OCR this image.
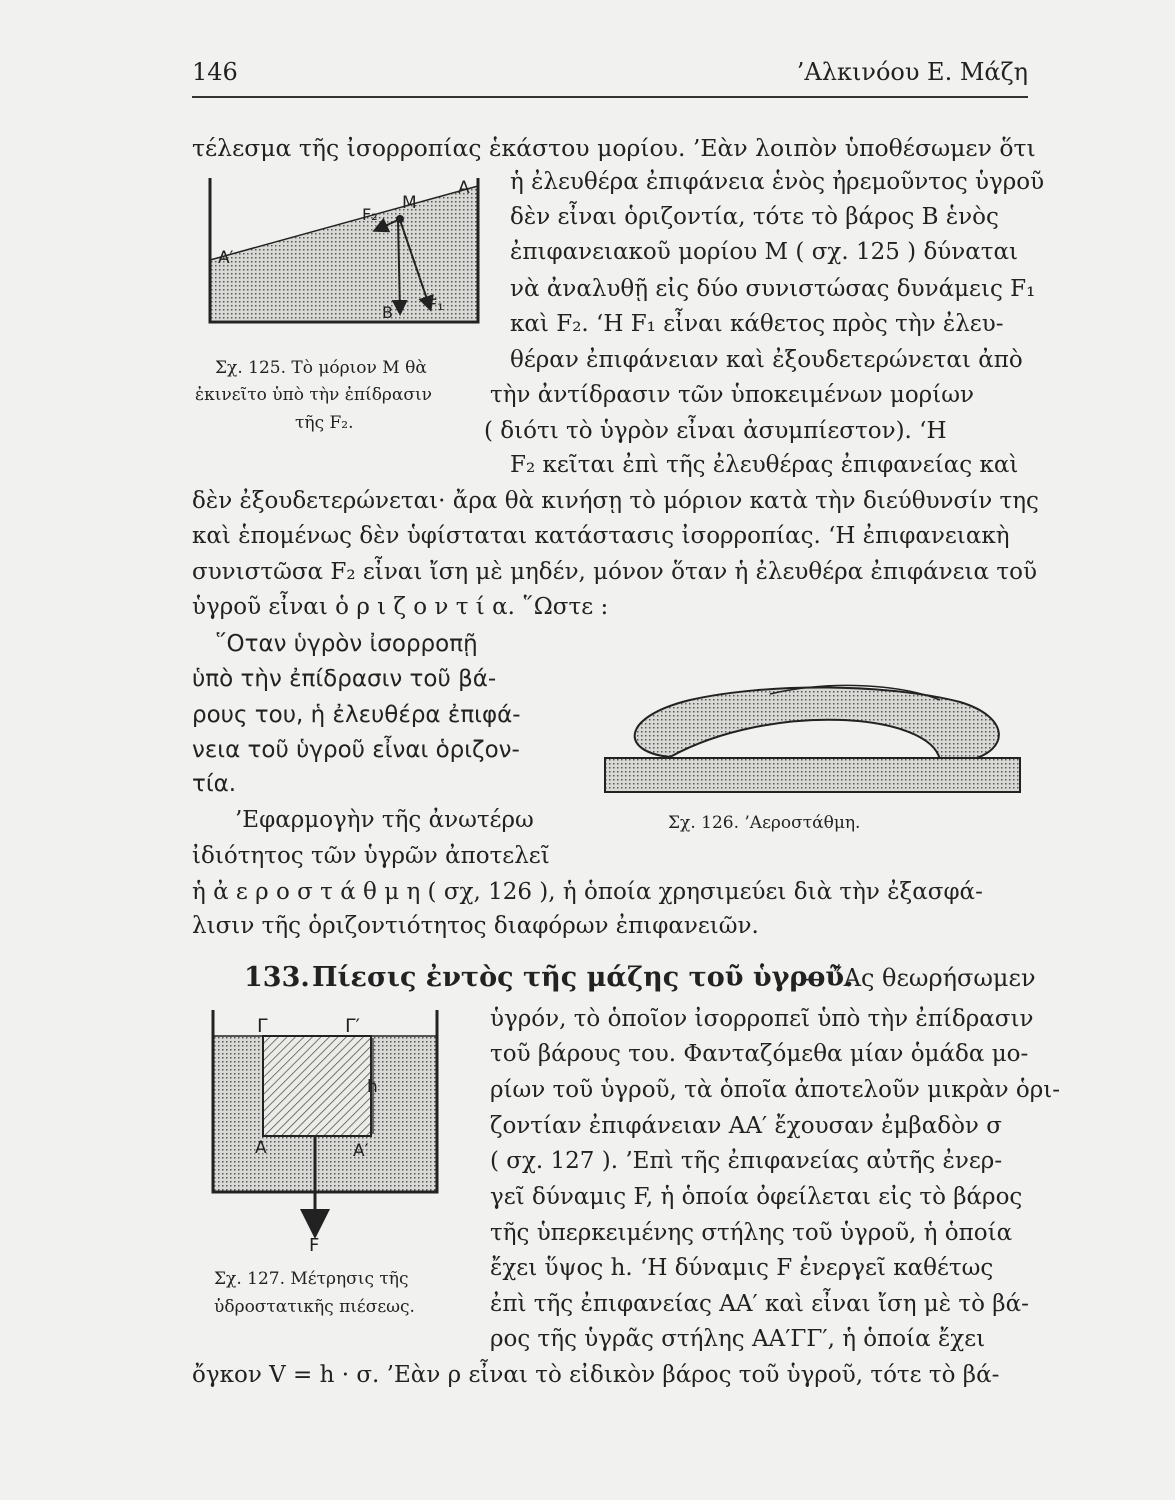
146	’Αλκινόου Ε. Μάζη
τέλεσμα τῆς ἰσορροπίας ἑκάστου μορίου. ’Εὰν λοιπὸν ὑποθέσωμεν ὅτι
ἡ ἐλευθέρα ἐπιφάνεια ἑνὸς ἠρεμοῦντος ὑγροῦ
δὲν εἶναι ὁριζοντία, τότε τὸ βάρος Β ἑνὸς
ἐπιφανειακοῦ μορίου Μ ( σχ. 125 ) δύναται
νὰ ἀναλυθῇ εἰς δύο συνιστώσας δυνάμεις F₁
καὶ F₂. ‘Η F₁ εἶναι κάθετος πρὸς τὴν ἐλευ-
θέραν ἐπιφάνειαν καὶ ἐξουδετερώνεται ἀπὸ
τὴν ἀντίδρασιν τῶν ὑποκειμένων μορίων
( διότι τὸ ὑγρὸν εἶναι ἀσυμπίεστον). ‘Η
F₂ κεῖται ἐπὶ τῆς ἐλευθέρας ἐπιφανείας καὶ
δὲν ἐξουδετερώνεται· ἄρα θὰ κινήσῃ τὸ μόριον κατὰ τὴν διεύθυνσίν της
καὶ ἑπομένως δὲν ὑφίσταται κατάστασις ἰσορροπίας. ‘Η ἐπιφανειακὴ
συνιστῶσα F₂ εἶναι ἴση μὲ μηδέν, μόνον ὅταν ἡ ἐλευθέρα ἐπιφάνεια τοῦ
ὑγροῦ εἶναι ὁ ρ ι ζ ο ν τ ί α. ῞Ωστε :
Α
Α′
Μ
F₂
F₁
Β
Σχ. 125. Τὸ μόριον Μ θὰ
ἐκινεῖτο ὑπὸ τὴν ἐπίδρασιν
τῆς F₂.
῞Οταν ὑγρὸν ἰσορροπῇ
ὑπὸ τὴν ἐπίδρασιν τοῦ βά-
ρους του, ἡ ἐλευθέρα ἐπιφά-
νεια τοῦ ὑγροῦ εἶναι ὁριζον-
τία.
’Εφαρμογὴν τῆς ἀνωτέρω
ἰδιότητος τῶν ὑγρῶν ἀποτελεῖ
ἡ ἀ ε ρ ο σ τ ά θ μ η ( σχ, 126 ), ἡ ὁποία χρησιμεύει διὰ τὴν ἐξασφά-
λισιν τῆς ὁριζοντιότητος διαφόρων ἐπιφανειῶν.
Σχ. 126. ’Αεροστάθμη.
133. Πίεσις ἐντὸς τῆς μάζης τοῦ ὑγροῦ.
— ῎Ας θεωρήσωμεν
ὑγρόν, τὸ ὁποῖον ἰσορροπεῖ ὑπὸ τὴν ἐπίδρασιν
τοῦ βάρους του. Φανταζόμεθα μίαν ὁμάδα μο-
ρίων τοῦ ὑγροῦ, τὰ ὁποῖα ἀποτελοῦν μικρὰν ὁρι-
ζοντίαν ἐπιφάνειαν ΑΑ′ ἔχουσαν ἐμβαδὸν σ
( σχ. 127 ). ’Επὶ τῆς ἐπιφανείας αὐτῆς ἐνερ-
γεῖ δύναμις F, ἡ ὁποία ὀφείλεται εἰς τὸ βάρος
τῆς ὑπερκειμένης στήλης τοῦ ὑγροῦ, ἡ ὁποία
ἔχει ὕψος h. ‘Η δύναμις F ἐνεργεῖ καθέτως
ἐπὶ τῆς ἐπιφανείας ΑΑ′ καὶ εἶναι ἴση μὲ τὸ βά-
ρος τῆς ὑγρᾶς στήλης ΑΑ′ΓΓ′, ἡ ὁποία ἔχει
ὄγκον V = h · σ. ’Εὰν ρ εἶναι τὸ εἰδικὸν βάρος τοῦ ὑγροῦ, τότε τὸ βά-
Γ	Γ′
h
Α	Α′
F
Σχ. 127. Μέτρησις τῆς
ὑδροστατικῆς πιέσεως.
